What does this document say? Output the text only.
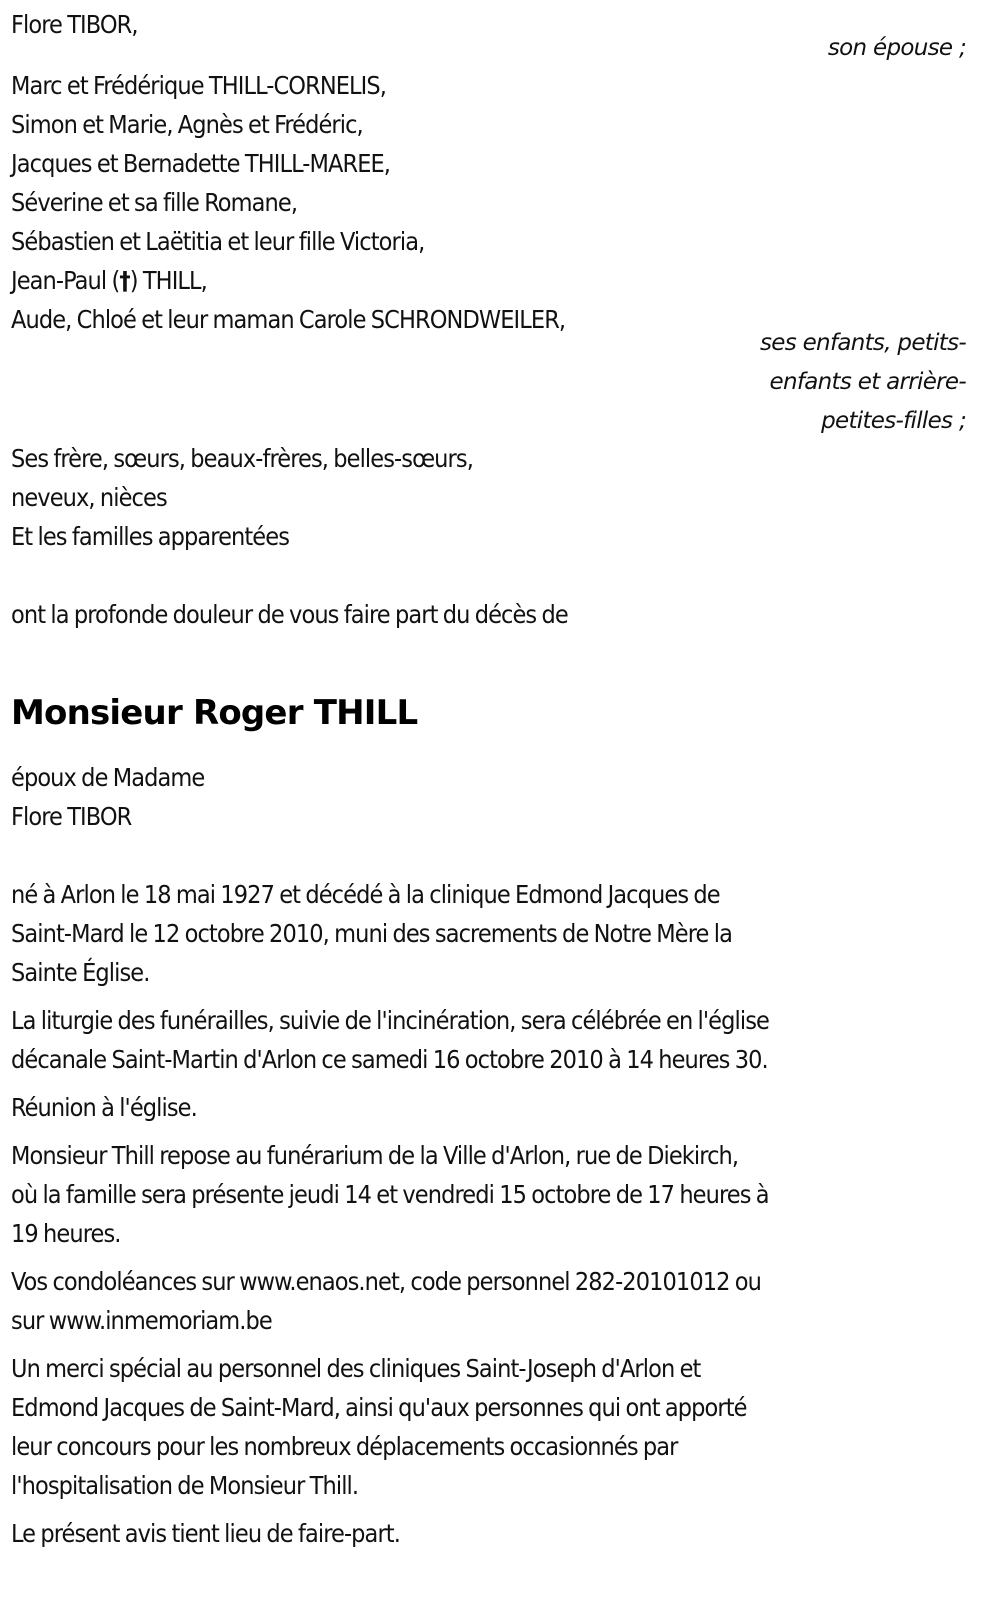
Flore TIBOR,
son épouse ;
Marc et Frédérique THILL-CORNELIS,
Simon et Marie, Agnès et Frédéric,
Jacques et Bernadette THILL-MAREE,
Séverine et sa fille Romane,
Sébastien et Laëtitia et leur fille Victoria,
Jean-Paul (†) THILL,
Aude, Chloé et leur maman Carole SCHRONDWEILER,
ses enfants, petits-
enfants et arrière-
petites-filles ;
Ses frère, sœurs, beaux-frères, belles-sœurs,
neveux, nièces
Et les familles apparentées
ont la profonde douleur de vous faire part du décès de
Monsieur Roger THILL
époux de Madame
Flore TIBOR
né à Arlon le 18 mai 1927 et décédé à la clinique Edmond Jacques de
Saint-Mard le 12 octobre 2010, muni des sacrements de Notre Mère la
Sainte Église.
La liturgie des funérailles, suivie de l'incinération, sera célébrée en l'église
décanale Saint-Martin d'Arlon ce samedi 16 octobre 2010 à 14 heures 30.
Réunion à l'église.
Monsieur Thill repose au funérarium de la Ville d'Arlon, rue de Diekirch,
où la famille sera présente jeudi 14 et vendredi 15 octobre de 17 heures à
19 heures.
Vos condoléances sur www.enaos.net, code personnel 282-20101012 ou
sur www.inmemoriam.be
Un merci spécial au personnel des cliniques Saint-Joseph d'Arlon et
Edmond Jacques de Saint-Mard, ainsi qu'aux personnes qui ont apporté
leur concours pour les nombreux déplacements occasionnés par
l'hospitalisation de Monsieur Thill.
Le présent avis tient lieu de faire-part.
